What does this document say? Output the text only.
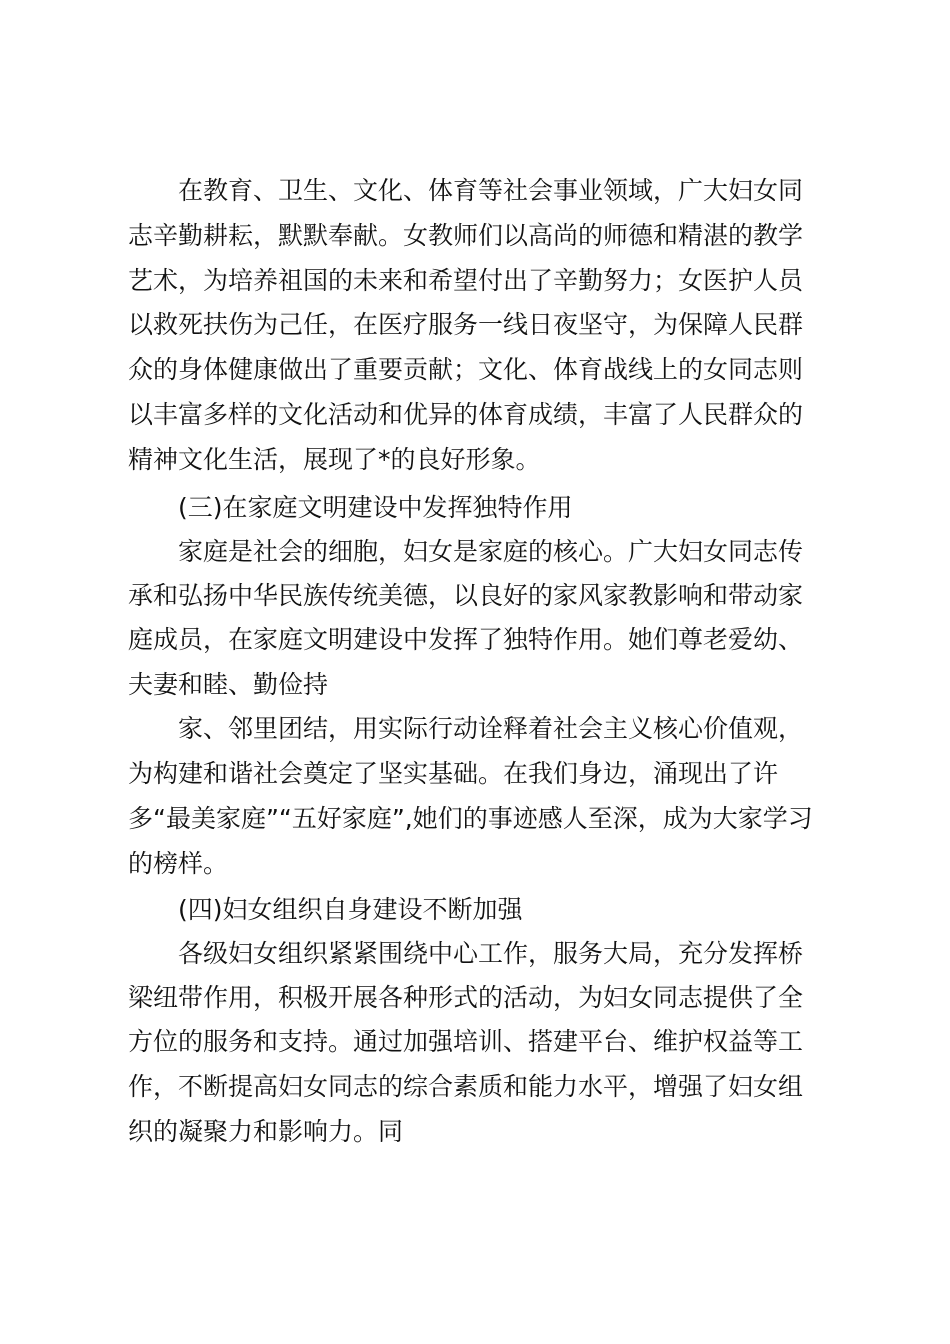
在教育、卫生、文化、体育等社会事业领域，广大妇女同

志辛勤耕耘，默默奉献。女教师们以高尚的师德和精湛的教学

艺术，为培养祖国的未来和希望付出了辛勤努力；女医护人员

以救死扶伤为己任，在医疗服务一线日夜坚守，为保障人民群

众的身体健康做出了重要贡献；文化、体育战线上的女同志则

以丰富多样的文化活动和优异的体育成绩，丰富了人民群众的

精神文化生活，展现了*的良好形象。

(三)在家庭文明建设中发挥独特作用

家庭是社会的细胞，妇女是家庭的核心。广大妇女同志传

承和弘扬中华民族传统美德，以良好的家风家教影响和带动家

庭成员，在家庭文明建设中发挥了独特作用。她们尊老爱幼、

夫妻和睦、勤俭持

家、邻里团结，用实际行动诠释着社会主义核心价值观，

为构建和谐社会奠定了坚实基础。在我们身边，涌现出了许

多“最美家庭”“五好家庭”,她们的事迹感人至深，成为大家学习

的榜样。

(四)妇女组织自身建设不断加强

各级妇女组织紧紧围绕中心工作，服务大局，充分发挥桥

梁纽带作用，积极开展各种形式的活动，为妇女同志提供了全

方位的服务和支持。通过加强培训、搭建平台、维护权益等工

作，不断提高妇女同志的综合素质和能力水平，增强了妇女组

织的凝聚力和影响力。同
